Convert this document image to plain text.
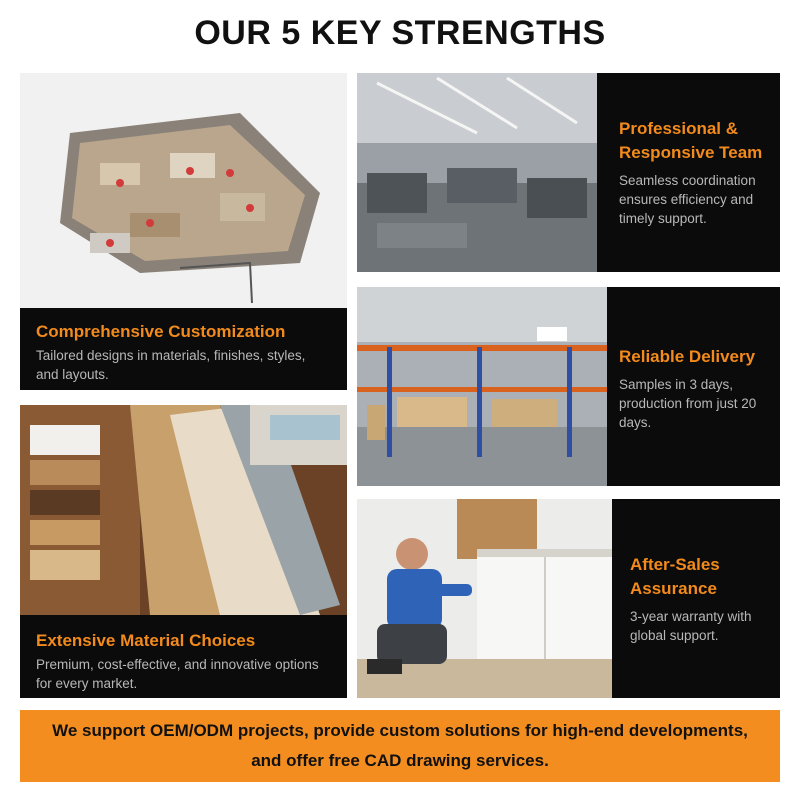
OUR 5 KEY STRENGTHS
Comprehensive Customization
Tailored designs in materials, finishes, styles, and layouts.
Professional & Responsive Team
Seamless coordination ensures efficiency and timely support.
Reliable Delivery
Samples in 3 days, production from just 20 days.
Extensive Material Choices
Premium, cost-effective, and innovative options for every market.
After-Sales Assurance
3-year warranty with global support.
We support OEM/ODM projects, provide custom solutions for high-end developments, and offer free CAD drawing services.
